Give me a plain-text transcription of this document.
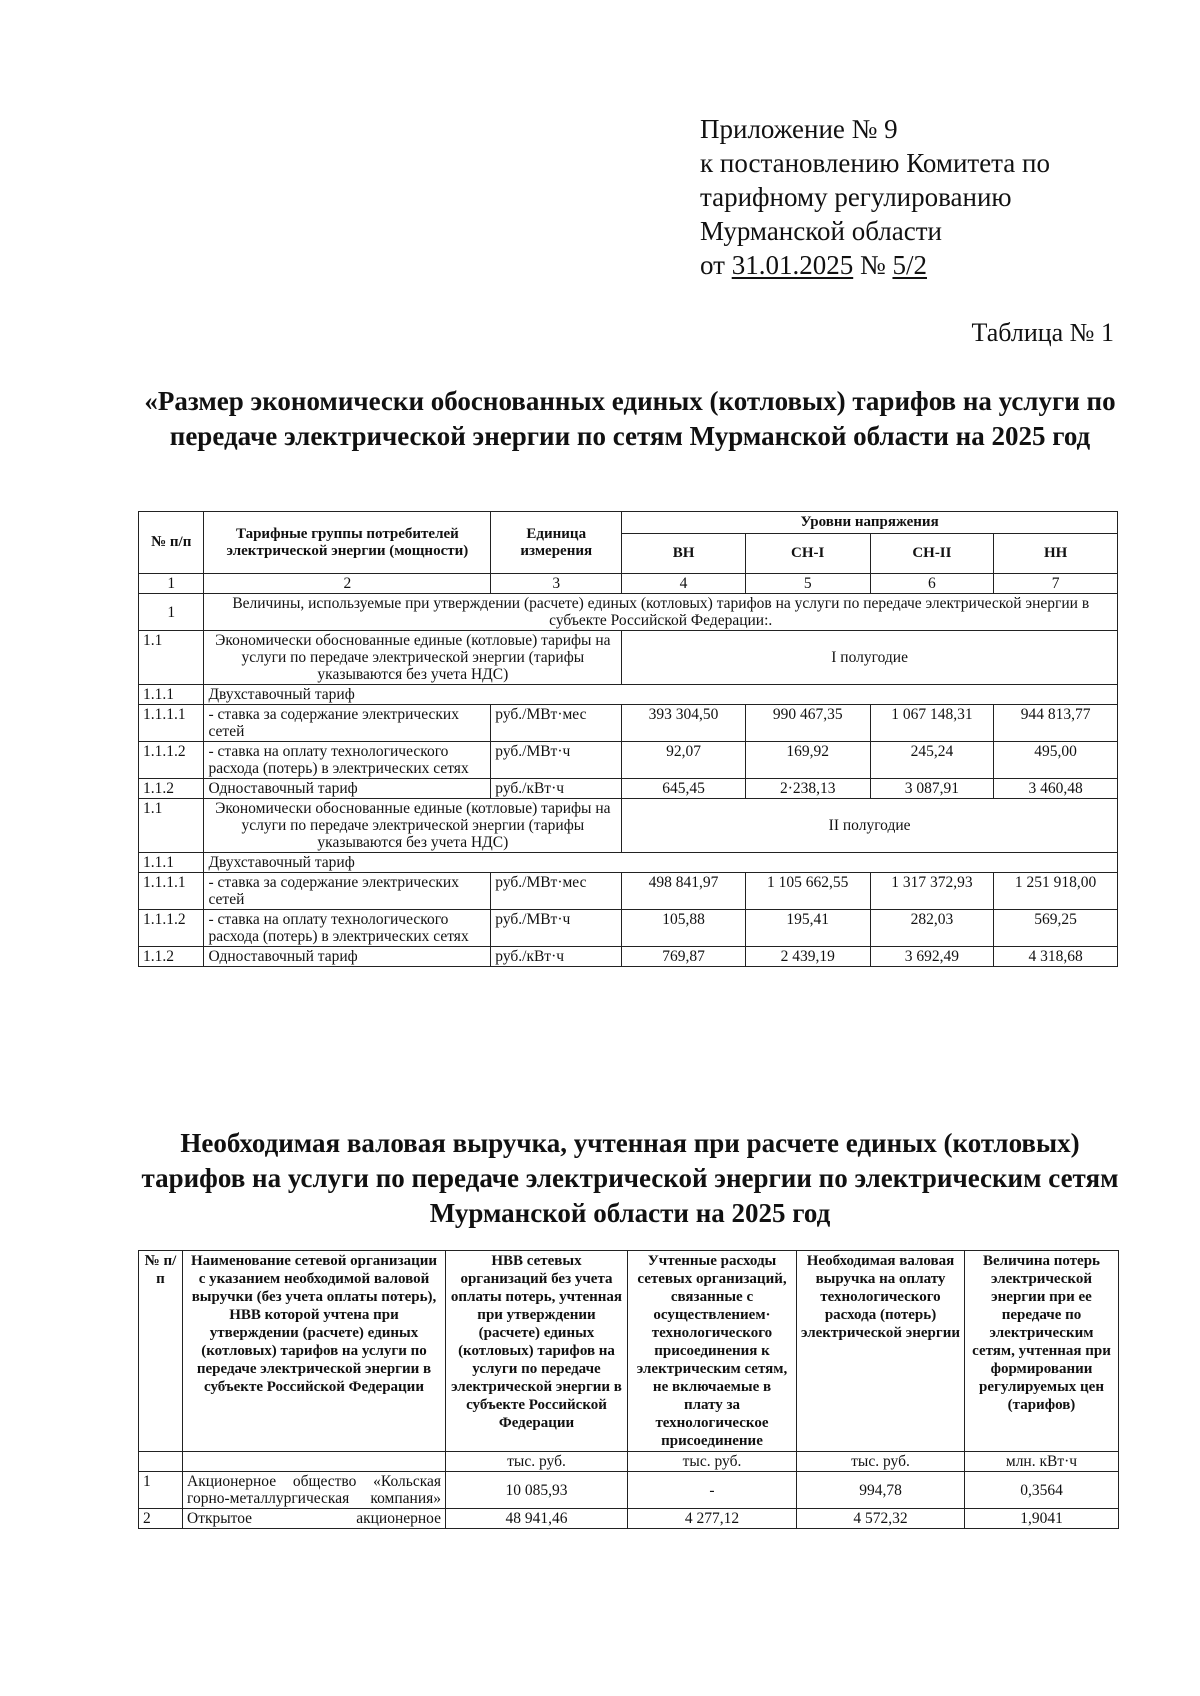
Приложение № 9
к постановлению Комитета по
тарифному регулированию
Мурманской области
от 31.01.2025 № 5/2
Таблица № 1
«Размер экономически обоснованных единых (котловых) тарифов на услуги по передаче электрической энергии по сетям Мурманской области на 2025 год
№ п/п	Тарифные группы потребителей электрической энергии (мощности)	Единица измерения	Уровни напряжения			
			ВН	СН-I	СН-II	НН
1	2	3	4	5	6	7
1	Величины, используемые при утверждении (расчете) единых (котловых) тарифов на услуги по передаче электрической энергии в субъекте Российской Федерации:.					
1.1	Экономически обоснованные единые (котловые) тарифы на услуги по передаче электрической энергии (тарифы указываются без учета НДС)		I полугодие			
1.1.1	Двухставочный тариф					
1.1.1.1	- ставка за содержание электрических сетей	руб./МВт·мес	393 304,50	990 467,35	1 067 148,31	944 813,77
1.1.1.2	- ставка на оплату технологического расхода (потерь) в электрических сетях	руб./МВт·ч	92,07	169,92	245,24	495,00
1.1.2	Одноставочный тариф	руб./кВт·ч	645,45	2·238,13	3 087,91	3 460,48
1.1	Экономически обоснованные единые (котловые) тарифы на услуги по передаче электрической энергии (тарифы указываются без учета НДС)		II полугодие			
1.1.1	Двухставочный тариф					
1.1.1.1	- ставка за содержание электрических сетей	руб./МВт·мес	498 841,97	1 105 662,55	1 317 372,93	1 251 918,00
1.1.1.2	- ставка на оплату технологического расхода (потерь) в электрических сетях	руб./МВт·ч	105,88	195,41	282,03	569,25
1.1.2	Одноставочный тариф	руб./кВт·ч	769,87	2 439,19	3 692,49	4 318,68
Необходимая валовая выручка, учтенная при расчете единых (котловых) тарифов на услуги по передаче электрической энергии по электрическим сетям Мурманской области на 2025 год
№ п/п	Наименование сетевой организации с указанием необходимой валовой выручки (без учета оплаты потерь), НВВ которой учтена при утверждении (расчете) единых (котловых) тарифов на услуги по передаче электрической энергии в субъекте Российской Федерации	НВВ сетевых организаций без учета оплаты потерь, учтенная при утверждении (расчете) единых (котловых) тарифов на услуги по передаче электрической энергии в субъекте Российской Федерации	Учтенные расходы сетевых организаций, связанные с осуществлением· технологического присоединения к электрическим сетям, не включаемые в плату за технологическое присоединение	Необходимая валовая выручка на оплату технологического расхода (потерь) электрической энергии	Величина потерь электрической энергии при ее передаче по электрическим сетям, учтенная при формировании регулируемых цен (тарифов)
		тыс. руб.	тыс. руб.	тыс. руб.	млн. кВт·ч
1	Акционерное общество «Кольская горно-металлургическая компания»	10 085,93	-	994,78	0,3564
2	Открытое акционерное	48 941,46	4 277,12	4 572,32	1,9041
